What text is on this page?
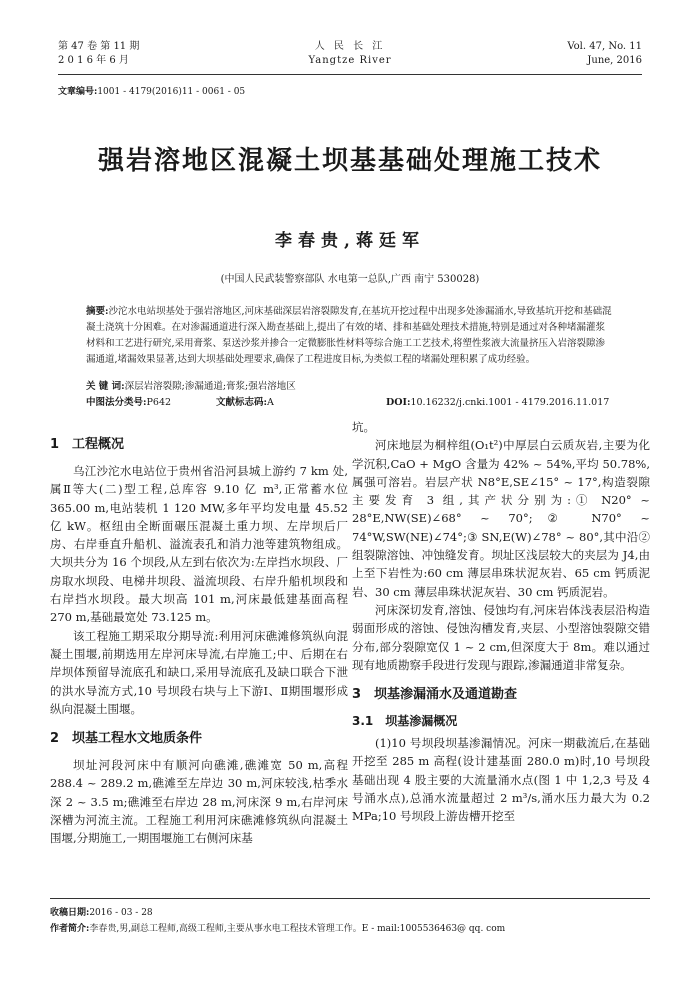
第 47 卷 第 11 期
2 0 1 6 年 6 月
人 民 长 江
Yangtze River
Vol. 47, No. 11
June, 2016
文章编号:1001 - 4179(2016)11 - 0061 - 05
强岩溶地区混凝土坝基基础处理施工技术
李春贵,蒋廷军
(中国人民武装警察部队 水电第一总队,广西 南宁 530028)
摘要:沙沱水电站坝基处于强岩溶地区,河床基础深层岩溶裂隙发育,在基坑开挖过程中出现多处渗漏涌水,导致基坑开挖和基础混凝土浇筑十分困难。在对渗漏通道进行深入勘查基础上,提出了有效的堵、排和基础处理技术措施,特别是通过对各种堵漏灌浆材料和工艺进行研究,采用膏浆、泵送沙浆并掺合一定微膨胀性材料等综合施工工艺技术,将塑性浆液大流量挤压入岩溶裂隙渗漏通道,堵漏效果显著,达到大坝基础处理要求,确保了工程进度目标,为类似工程的堵漏处理积累了成功经验。
关 键 词:深层岩溶裂隙;渗漏通道;膏浆;强岩溶地区
中图法分类号:P642	文献标志码:A	DOI:10.16232/j.cnki.1001 - 4179.2016.11.017
1　工程概况

乌江沙沱水电站位于贵州省沿河县城上游约 7 km 处,属Ⅱ等大(二)型工程,总库容 9.10 亿 m³,正常蓄水位 365.00 m,电站装机 1 120 MW,多年平均发电量 45.52 亿 kW。枢纽由全断面碾压混凝土重力坝、左岸坝后厂房、右岸垂直升船机、溢流表孔和消力池等建筑物组成。大坝共分为 16 个坝段,从左到右依次为:左岸挡水坝段、厂房取水坝段、电梯井坝段、溢流坝段、右岸升船机坝段和右岸挡水坝段。最大坝高 101 m,河床最低建基面高程 270 m,基础最宽处 73.125 m。

该工程施工期采取分期导流:利用河床礁滩修筑纵向混凝土围堰,前期选用左岸河床导流,右岸施工;中、后期在右岸坝体预留导流底孔和缺口,采用导流底孔及缺口联合下泄的洪水导流方式,10 号坝段右块与上下游Ⅰ、Ⅱ期围堰形成纵向混凝土围堰。

2　坝基工程水文地质条件

坝址河段河床中有顺河向礁滩,礁滩宽 50 m,高程 288.4 ~ 289.2 m,礁滩至左岸边 30 m,河床较浅,枯季水深 2 ~ 3.5 m;礁滩至右岸边 28 m,河床深 9 m,右岸河床深槽为河流主流。工程施工利用河床礁滩修筑纵向混凝土围堰,分期施工,一期围堰施工右侧河床基

坑。

河床地层为桐梓组(O₁t²)中厚层白云质灰岩,主要为化学沉积,CaO + MgO 含量为 42% ~ 54%,平均 50.78%,属强可溶岩。岩层产状 N8°E,SE∠15° ~ 17°,构造裂隙主要发育 3 组,其产状分别为:① N20° ~ 28°E,NW(SE)∠68° ~ 70°;② N70° ~ 74°W,SW(NE)∠74°;③ SN,E(W)∠78° ~ 80°,其中沿②组裂隙溶蚀、冲蚀缝发育。坝址区浅层较大的夹层为 J4,由上至下岩性为:60 cm 薄层串珠状泥灰岩、65 cm 钙质泥岩、30 cm 薄层串珠状泥灰岩、30 cm 钙质泥岩。

河床深切发育,溶蚀、侵蚀均有,河床岩体浅表层沿构造弱面形成的溶蚀、侵蚀沟槽发育,夹层、小型溶蚀裂隙交错分布,部分裂隙宽仅 1 ~ 2 cm,但深度大于 8m。难以通过现有地质勘察手段进行发现与跟踪,渗漏通道非常复杂。

3　坝基渗漏涌水及通道勘查
3.1　坝基渗漏概况

(1)10 号坝段坝基渗漏情况。河床一期截流后,在基础开挖至 285 m 高程(设计建基面 280.0 m)时,10 号坝段基础出现 4 股主要的大流量涌水点(图 1 中 1,2,3 号及 4 号涌水点),总涌水流量超过 2 m³/s,涌水压力最大为 0.2 MPa;10 号坝段上游齿槽开挖至

收稿日期:2016 - 03 - 28
作者简介:李春贵,男,副总工程师,高级工程师,主要从事水电工程技术管理工作。E - mail:1005536463@ qq. com
